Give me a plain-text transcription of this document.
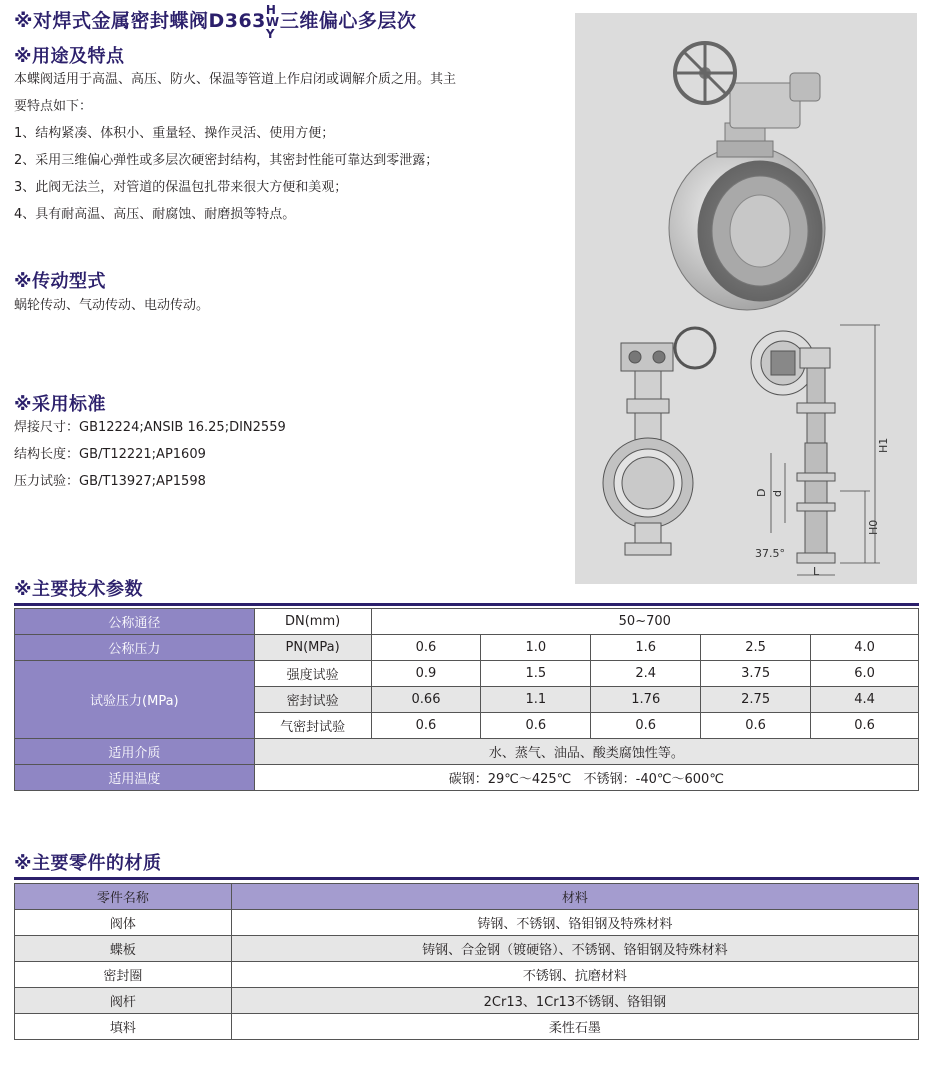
※对焊式金属密封蝶阀D363
H
W
Y
三维偏心多层次
※用途及特点
本蝶阀适用于高温、高压、防火、保温等管道上作启闭或调解介质之用。其主
要特点如下：
1、结构紧凑、体积小、重量轻、操作灵活、使用方便；
2、采用三维偏心弹性或多层次硬密封结构，其密封性能可靠达到零泄露；
3、此阀无法兰，对管道的保温包扎带来很大方便和美观；
4、具有耐高温、高压、耐腐蚀、耐磨损等特点。
※传动型式
蜗轮传动、气动传动、电动传动。
※采用标准
焊接尺寸：GB12224;ANSIB 16.25;DIN2559
结构长度：GB/T12221;AP1609
压力试验：GB/T13927;AP1598
H1
H0
D d
L
37.5°
※主要技术参数
公称通径	DN(mm)	50~700				
公称压力	PN(MPa)	0.6	1.0	1.6	2.5	4.0
试验压力(MPa)	强度试验	0.9	1.5	2.4	3.75	6.0
	密封试验	0.66	1.1	1.76	2.75	4.4
	气密封试验	0.6	0.6	0.6	0.6	0.6
适用介质	水、蒸气、油品、酸类腐蚀性等。					
适用温度	碳钢：29℃～425℃   不锈钢：-40℃～600℃					
※主要零件的材质
零件名称	材料
阀体	铸钢、不锈钢、铬钼钢及特殊材料
蝶板	铸钢、合金钢（镀硬铬）、不锈钢、铬钼钢及特殊材料
密封圈	不锈钢、抗磨材料
阀杆	2Cr13、1Cr13不锈钢、铬钼钢
填料	柔性石墨
